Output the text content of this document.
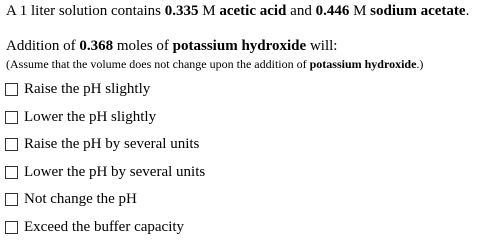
A 1 liter solution contains 0.335 M acetic acid and 0.446 M sodium acetate.
Addition of 0.368 moles of potassium hydroxide will:
(Assume that the volume does not change upon the addition of potassium hydroxide.)
Raise the pH slightly
Lower the pH slightly
Raise the pH by several units
Lower the pH by several units
Not change the pH
Exceed the buffer capacity
